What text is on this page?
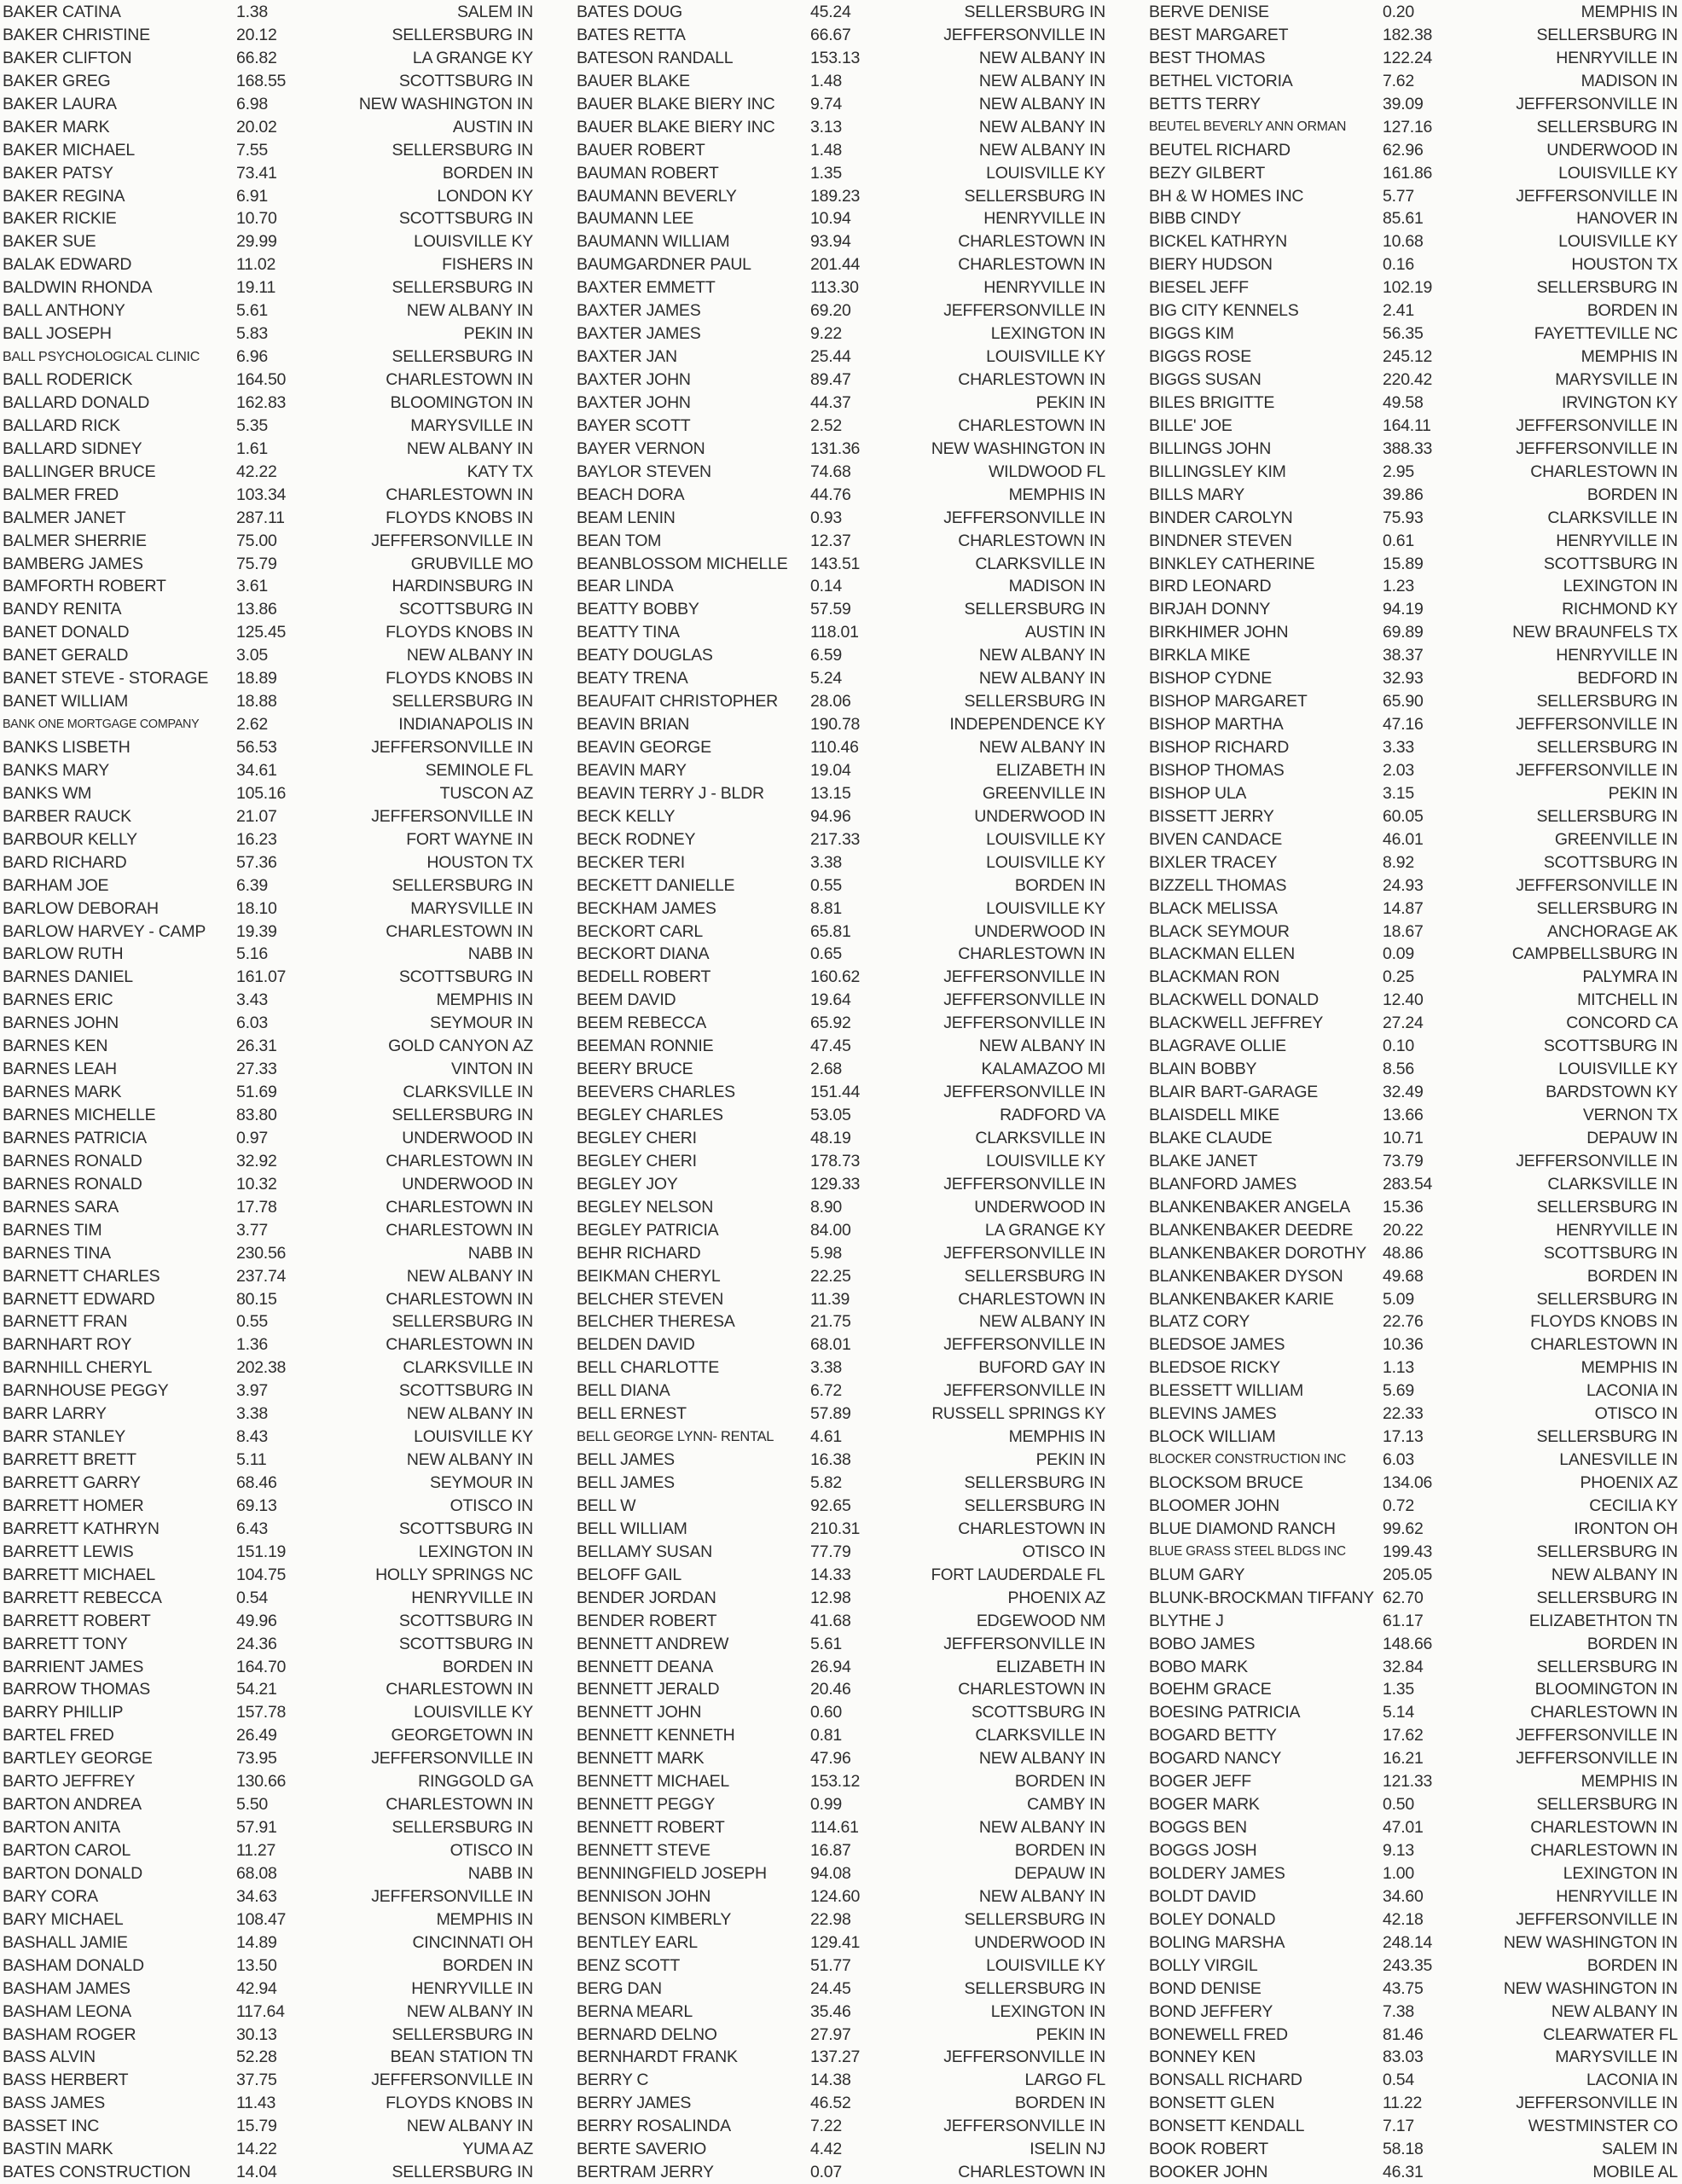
BAKER CATINA	1.38	SALEM IN
BAKER CHRISTINE	20.12	SELLERSBURG IN
BAKER CLIFTON	66.82	LA GRANGE KY
BAKER GREG	168.55	SCOTTSBURG IN
BAKER LAURA	6.98	NEW WASHINGTON IN
BAKER MARK	20.02	AUSTIN IN
BAKER MICHAEL	7.55	SELLERSBURG IN
BAKER PATSY	73.41	BORDEN IN
BAKER REGINA	6.91	LONDON KY
BAKER RICKIE	10.70	SCOTTSBURG IN
BAKER SUE	29.99	LOUISVILLE KY
BALAK EDWARD	11.02	FISHERS IN
BALDWIN RHONDA	19.11	SELLERSBURG IN
BALL ANTHONY	5.61	NEW ALBANY IN
BALL JOSEPH	5.83	PEKIN IN
BALL PSYCHOLOGICAL CLINIC 6.96	SELLERSBURG IN
BALL RODERICK	164.50	CHARLESTOWN IN
BALLARD DONALD	162.83	BLOOMINGTON IN
BALLARD RICK	5.35	MARYSVILLE IN
BALLARD SIDNEY	1.61	NEW ALBANY IN
BALLINGER BRUCE	42.22	KATY TX
BALMER FRED	103.34	CHARLESTOWN IN
BALMER JANET	287.11	FLOYDS KNOBS IN
BALMER SHERRIE	75.00	JEFFERSONVILLE IN
BAMBERG JAMES	75.79	GRUBVILLE MO
BAMFORTH ROBERT	3.61	HARDINSBURG IN
BANDY RENITA	13.86	SCOTTSBURG IN
BANET DONALD	125.45	FLOYDS KNOBS IN
BANET GERALD	3.05	NEW ALBANY IN
BANET STEVE - STORAGE 18.89	FLOYDS KNOBS IN
BANET WILLIAM	18.88	SELLERSBURG IN
BANK ONE MORTGAGE COMPANY 2.62	INDIANAPOLIS IN
BANKS LISBETH	56.53	JEFFERSONVILLE IN
BANKS MARY	34.61	SEMINOLE FL
BANKS WM	105.16	TUSCON AZ
BARBER RAUCK	21.07	JEFFERSONVILLE IN
BARBOUR KELLY	16.23	FORT WAYNE IN
BARD RICHARD	57.36	HOUSTON TX
BARHAM JOE	6.39	SELLERSBURG IN
BARLOW DEBORAH	18.10	MARYSVILLE IN
BARLOW HARVEY - CAMP 19.39	CHARLESTOWN IN
BARLOW RUTH	5.16	NABB IN
BARNES DANIEL	161.07	SCOTTSBURG IN
BARNES ERIC	3.43	MEMPHIS IN
BARNES JOHN	6.03	SEYMOUR IN
BARNES KEN	26.31	GOLD CANYON AZ
BARNES LEAH	27.33	VINTON IN
BARNES MARK	51.69	CLARKSVILLE IN
BARNES MICHELLE	83.80	SELLERSBURG IN
BARNES PATRICIA	0.97	UNDERWOOD IN
BARNES RONALD	32.92	CHARLESTOWN IN
BARNES RONALD	10.32	UNDERWOOD IN
BARNES SARA	17.78	CHARLESTOWN IN
BARNES TIM	3.77	CHARLESTOWN IN
BARNES TINA	230.56	NABB IN
BARNETT CHARLES	237.74	NEW ALBANY IN
BARNETT EDWARD	80.15	CHARLESTOWN IN
BARNETT FRAN	0.55	SELLERSBURG IN
BARNHART ROY	1.36	CHARLESTOWN IN
BARNHILL CHERYL	202.38	CLARKSVILLE IN
BARNHOUSE PEGGY	3.97	SCOTTSBURG IN
BARR LARRY	3.38	NEW ALBANY IN
BARR STANLEY	8.43	LOUISVILLE KY
BARRETT BRETT	5.11	NEW ALBANY IN
BARRETT GARRY	68.46	SEYMOUR IN
BARRETT HOMER	69.13	OTISCO IN
BARRETT KATHRYN	6.43	SCOTTSBURG IN
BARRETT LEWIS	151.19	LEXINGTON IN
BARRETT MICHAEL	104.75	HOLLY SPRINGS NC
BARRETT REBECCA	0.54	HENRYVILLE IN
BARRETT ROBERT	49.96	SCOTTSBURG IN
BARRETT TONY	24.36	SCOTTSBURG IN
BARRIENT JAMES	164.70	BORDEN IN
BARROW THOMAS	54.21	CHARLESTOWN IN
BARRY PHILLIP	157.78	LOUISVILLE KY
BARTEL FRED	26.49	GEORGETOWN IN
BARTLEY GEORGE	73.95	JEFFERSONVILLE IN
BARTO JEFFREY	130.66	RINGGOLD GA
BARTON ANDREA	5.50	CHARLESTOWN IN
BARTON ANITA	57.91	SELLERSBURG IN
BARTON CAROL	11.27	OTISCO IN
BARTON DONALD	68.08	NABB IN
BARY CORA	34.63	JEFFERSONVILLE IN
BARY MICHAEL	108.47	MEMPHIS IN
BASHALL JAMIE	14.89	CINCINNATI OH
BASHAM DONALD	13.50	BORDEN IN
BASHAM JAMES	42.94	HENRYVILLE IN
BASHAM LEONA	117.64	NEW ALBANY IN
BASHAM ROGER	30.13	SELLERSBURG IN
BASS ALVIN	52.28	BEAN STATION TN
BASS HERBERT	37.75	JEFFERSONVILLE IN
BASS JAMES	11.43	FLOYDS KNOBS IN
BASSET INC	15.79	NEW ALBANY IN
BASTIN MARK	14.22	YUMA AZ
BATES CONSTRUCTION	14.04	SELLERSBURG IN
BATES DOUG	45.24	SELLERSBURG IN
BATES RETTA	66.67	JEFFERSONVILLE IN
BATESON RANDALL	153.13	NEW ALBANY IN
BAUER BLAKE	1.48	NEW ALBANY IN
BAUER BLAKE BIERY INC 9.74	NEW ALBANY IN
BAUER BLAKE BIERY INC 3.13	NEW ALBANY IN
BAUER ROBERT	1.48	NEW ALBANY IN
BAUMAN ROBERT	1.35	LOUISVILLE KY
BAUMANN BEVERLY	189.23	SELLERSBURG IN
BAUMANN LEE	10.94	HENRYVILLE IN
BAUMANN WILLIAM	93.94	CHARLESTOWN IN
BAUMGARDNER PAUL	201.44	CHARLESTOWN IN
BAXTER EMMETT	113.30	HENRYVILLE IN
BAXTER JAMES	69.20	JEFFERSONVILLE IN
BAXTER JAMES	9.22	LEXINGTON IN
BAXTER JAN	25.44	LOUISVILLE KY
BAXTER JOHN	89.47	CHARLESTOWN IN
BAXTER JOHN	44.37	PEKIN IN
BAYER SCOTT	2.52	CHARLESTOWN IN
BAYER VERNON	131.36	NEW WASHINGTON IN
BAYLOR STEVEN	74.68	WILDWOOD FL
BEACH DORA	44.76	MEMPHIS IN
BEAM LENIN	0.93	JEFFERSONVILLE IN
BEAN TOM	12.37	CHARLESTOWN IN
BEANBLOSSOM MICHELLE 143.51	CLARKSVILLE IN
BEAR LINDA	0.14	MADISON IN
BEATTY BOBBY	57.59	SELLERSBURG IN
BEATTY TINA	118.01	AUSTIN IN
BEATY DOUGLAS	6.59	NEW ALBANY IN
BEATY TRENA	5.24	NEW ALBANY IN
BEAUFAIT CHRISTOPHER 28.06	SELLERSBURG IN
BEAVIN BRIAN	190.78	INDEPENDENCE KY
BEAVIN GEORGE	110.46	NEW ALBANY IN
BEAVIN MARY	19.04	ELIZABETH IN
BEAVIN TERRY J - BLDR	13.15	GREENVILLE IN
BECK KELLY	94.96	UNDERWOOD IN
BECK RODNEY	217.33	LOUISVILLE KY
BECKER TERI	3.38	LOUISVILLE KY
BECKETT DANIELLE	0.55	BORDEN IN
BECKHAM JAMES	8.81	LOUISVILLE KY
BECKORT CARL	65.81	UNDERWOOD IN
BECKORT DIANA	0.65	CHARLESTOWN IN
BEDELL ROBERT	160.62	JEFFERSONVILLE IN
BEEM DAVID	19.64	JEFFERSONVILLE IN
BEEM REBECCA	65.92	JEFFERSONVILLE IN
BEEMAN RONNIE	47.45	NEW ALBANY IN
BEERY BRUCE	2.68	KALAMAZOO MI
BEEVERS CHARLES	151.44	JEFFERSONVILLE IN
BEGLEY CHARLES	53.05	RADFORD VA
BEGLEY CHERI	48.19	CLARKSVILLE IN
BEGLEY CHERI	178.73	LOUISVILLE KY
BEGLEY JOY	129.33	JEFFERSONVILLE IN
BEGLEY NELSON	8.90	UNDERWOOD IN
BEGLEY PATRICIA	84.00	LA GRANGE KY
BEHR RICHARD	5.98	JEFFERSONVILLE IN
BEIKMAN CHERYL	22.25	SELLERSBURG IN
BELCHER STEVEN	11.39	CHARLESTOWN IN
BELCHER THERESA	21.75	NEW ALBANY IN
BELDEN DAVID	68.01	JEFFERSONVILLE IN
BELL CHARLOTTE	3.38	BUFORD GAY IN
BELL DIANA	6.72	JEFFERSONVILLE IN
BELL ERNEST	57.89	RUSSELL SPRINGS KY
BELL GEORGE LYNN- RENTAL 4.61	MEMPHIS IN
BELL JAMES	16.38	PEKIN IN
BELL JAMES	5.82	SELLERSBURG IN
BELL W	92.65	SELLERSBURG IN
BELL WILLIAM	210.31	CHARLESTOWN IN
BELLAMY SUSAN	77.79	OTISCO IN
BELOFF GAIL	14.33	FORT LAUDERDALE FL
BENDER JORDAN	12.98	PHOENIX AZ
BENDER ROBERT	41.68	EDGEWOOD NM
BENNETT ANDREW	5.61	JEFFERSONVILLE IN
BENNETT DEANA	26.94	ELIZABETH IN
BENNETT JERALD	20.46	CHARLESTOWN IN
BENNETT JOHN	0.60	SCOTTSBURG IN
BENNETT KENNETH	0.81	CLARKSVILLE IN
BENNETT MARK	47.96	NEW ALBANY IN
BENNETT MICHAEL	153.12	BORDEN IN
BENNETT PEGGY	0.99	CAMBY IN
BENNETT ROBERT	114.61	NEW ALBANY IN
BENNETT STEVE	16.87	BORDEN IN
BENNINGFIELD JOSEPH	94.08	DEPAUW IN
BENNISON JOHN	124.60	NEW ALBANY IN
BENSON KIMBERLY	22.98	SELLERSBURG IN
BENTLEY EARL	129.41	UNDERWOOD IN
BENZ SCOTT	51.77	LOUISVILLE KY
BERG DAN	24.45	SELLERSBURG IN
BERNA MEARL	35.46	LEXINGTON IN
BERNARD DELNO	27.97	PEKIN IN
BERNHARDT FRANK	137.27	JEFFERSONVILLE IN
BERRY C	14.38	LARGO FL
BERRY JAMES	46.52	BORDEN IN
BERRY ROSALINDA	7.22	JEFFERSONVILLE IN
BERTE SAVERIO	4.42	ISELIN NJ
BERTRAM JERRY	0.07	CHARLESTOWN IN
BERVE DENISE	0.20	MEMPHIS IN
BEST MARGARET	182.38	SELLERSBURG IN
BEST THOMAS	122.24	HENRYVILLE IN
BETHEL VICTORIA	7.62	MADISON IN
BETTS TERRY	39.09	JEFFERSONVILLE IN
BEUTEL BEVERLY ANN ORMAN 127.16	SELLERSBURG IN
BEUTEL RICHARD	62.96	UNDERWOOD IN
BEZY GILBERT	161.86	LOUISVILLE KY
BH & W HOMES INC	5.77	JEFFERSONVILLE IN
BIBB CINDY	85.61	HANOVER IN
BICKEL KATHRYN	10.68	LOUISVILLE KY
BIERY HUDSON	0.16	HOUSTON TX
BIESEL JEFF	102.19	SELLERSBURG IN
BIG CITY KENNELS	2.41	BORDEN IN
BIGGS KIM	56.35	FAYETTEVILLE NC
BIGGS ROSE	245.12	MEMPHIS IN
BIGGS SUSAN	220.42	MARYSVILLE IN
BILES BRIGITTE	49.58	IRVINGTON KY
BILLE' JOE	164.11	JEFFERSONVILLE IN
BILLINGS JOHN	388.33	JEFFERSONVILLE IN
BILLINGSLEY KIM	2.95	CHARLESTOWN IN
BILLS MARY	39.86	BORDEN IN
BINDER CAROLYN	75.93	CLARKSVILLE IN
BINDNER STEVEN	0.61	HENRYVILLE IN
BINKLEY CATHERINE	15.89	SCOTTSBURG IN
BIRD LEONARD	1.23	LEXINGTON IN
BIRJAH DONNY	94.19	RICHMOND KY
BIRKHIMER JOHN	69.89	NEW BRAUNFELS TX
BIRKLA MIKE	38.37	HENRYVILLE IN
BISHOP CYDNE	32.93	BEDFORD IN
BISHOP MARGARET	65.90	SELLERSBURG IN
BISHOP MARTHA	47.16	JEFFERSONVILLE IN
BISHOP RICHARD	3.33	SELLERSBURG IN
BISHOP THOMAS	2.03	JEFFERSONVILLE IN
BISHOP ULA	3.15	PEKIN IN
BISSETT JERRY	60.05	SELLERSBURG IN
BIVEN CANDACE	46.01	GREENVILLE IN
BIXLER TRACEY	8.92	SCOTTSBURG IN
BIZZELL THOMAS	24.93	JEFFERSONVILLE IN
BLACK MELISSA	14.87	SELLERSBURG IN
BLACK SEYMOUR	18.67	ANCHORAGE AK
BLACKMAN ELLEN	0.09	CAMPBELLSBURG IN
BLACKMAN RON	0.25	PALYMRA IN
BLACKWELL DONALD	12.40	MITCHELL IN
BLACKWELL JEFFREY	27.24	CONCORD CA
BLAGRAVE OLLIE	0.10	SCOTTSBURG IN
BLAIN BOBBY	8.56	LOUISVILLE KY
BLAIR BART-GARAGE	32.49	BARDSTOWN KY
BLAISDELL MIKE	13.66	VERNON TX
BLAKE CLAUDE	10.71	DEPAUW IN
BLAKE JANET	73.79	JEFFERSONVILLE IN
BLANFORD JAMES	283.54	CLARKSVILLE IN
BLANKENBAKER ANGELA 15.36	SELLERSBURG IN
BLANKENBAKER DEEDRE 20.22	HENRYVILLE IN
BLANKENBAKER DOROTHY 48.86	SCOTTSBURG IN
BLANKENBAKER DYSON 49.68	BORDEN IN
BLANKENBAKER KARIE	5.09	SELLERSBURG IN
BLATZ CORY	22.76	FLOYDS KNOBS IN
BLEDSOE JAMES	10.36	CHARLESTOWN IN
BLEDSOE RICKY	1.13	MEMPHIS IN
BLESSETT WILLIAM	5.69	LACONIA IN
BLEVINS JAMES	22.33	OTISCO IN
BLOCK WILLIAM	17.13	SELLERSBURG IN
BLOCKER CONSTRUCTION INC 6.03	LANESVILLE IN
BLOCKSOM BRUCE	134.06	PHOENIX AZ
BLOOMER JOHN	0.72	CECILIA KY
BLUE DIAMOND RANCH	99.62	IRONTON OH
BLUE GRASS STEEL BLDGS INC 199.43	SELLERSBURG IN
BLUM GARY	205.05	NEW ALBANY IN
BLUNK-BROCKMAN TIFFANY 62.70	SELLERSBURG IN
BLYTHE J	61.17	ELIZABETHTON TN
BOBO JAMES	148.66	BORDEN IN
BOBO MARK	32.84	SELLERSBURG IN
BOEHM GRACE	1.35	BLOOMINGTON IN
BOESING PATRICIA	5.14	CHARLESTOWN IN
BOGARD BETTY	17.62	JEFFERSONVILLE IN
BOGARD NANCY	16.21	JEFFERSONVILLE IN
BOGER JEFF	121.33	MEMPHIS IN
BOGER MARK	0.50	SELLERSBURG IN
BOGGS BEN	47.01	CHARLESTOWN IN
BOGGS JOSH	9.13	CHARLESTOWN IN
BOLDERY JAMES	1.00	LEXINGTON IN
BOLDT DAVID	34.60	HENRYVILLE IN
BOLEY DONALD	42.18	JEFFERSONVILLE IN
BOLING MARSHA	248.14	NEW WASHINGTON IN
BOLLY VIRGIL	243.35	BORDEN IN
BOND DENISE	43.75	NEW WASHINGTON IN
BOND JEFFERY	7.38	NEW ALBANY IN
BONEWELL FRED	81.46	CLEARWATER FL
BONNEY KEN	83.03	MARYSVILLE IN
BONSALL RICHARD	0.54	LACONIA IN
BONSETT GLEN	11.22	JEFFERSONVILLE IN
BONSETT KENDALL	7.17	WESTMINSTER CO
BOOK ROBERT	58.18	SALEM IN
BOOKER JOHN	46.31	MOBILE AL
